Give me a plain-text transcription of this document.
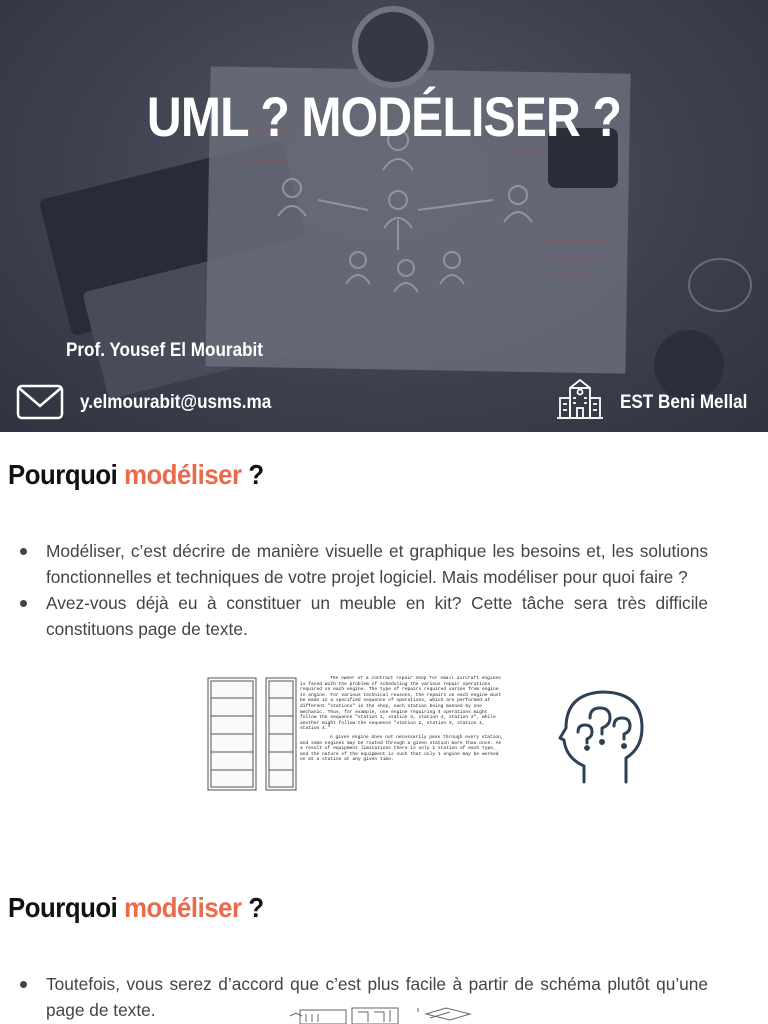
UML ? MODÉLISER ?
Prof. Yousef El Mourabit
y.elmourabit@usms.ma	EST Beni Mellal
Pourquoi modéliser ?
Modéliser, c’est décrire de manière visuelle et graphique les besoins et, les solutions fonctionnelles et techniques de votre projet logiciel. Mais modéliser pour quoi faire ?
Avez-vous déjà eu à constituer un meuble en kit? Cette tâche sera très difficile constituons page de texte.

The owner of a contract repair shop for small aircraft engines is faced with the problem of scheduling the various repair operations required on each engine. The type of repairs required varies from engine to engine. For various technical reasons, the repairs on each engine must be made in a specified sequence of operations, which are performed at different "stations" in the shop, each station being manned by one mechanic. Thus, for example, one engine requiring 4 operations might follow the sequence "station 1, station 3, station 4, station 2", while another might follow the sequence "station 2, station 3, station 1, station 4."

A given engine does not necessarily pass through every station, and some engines may be routed through a given station more than once. As a result of equipment limitations there is only 1 station of each type, and the nature of the equipment is such that only 1 engine may be worked on at a station at any given time.

Pourquoi modéliser ?
Toutefois, vous serez d’accord que c’est plus facile à partir de schéma plutôt qu’une page de texte.
